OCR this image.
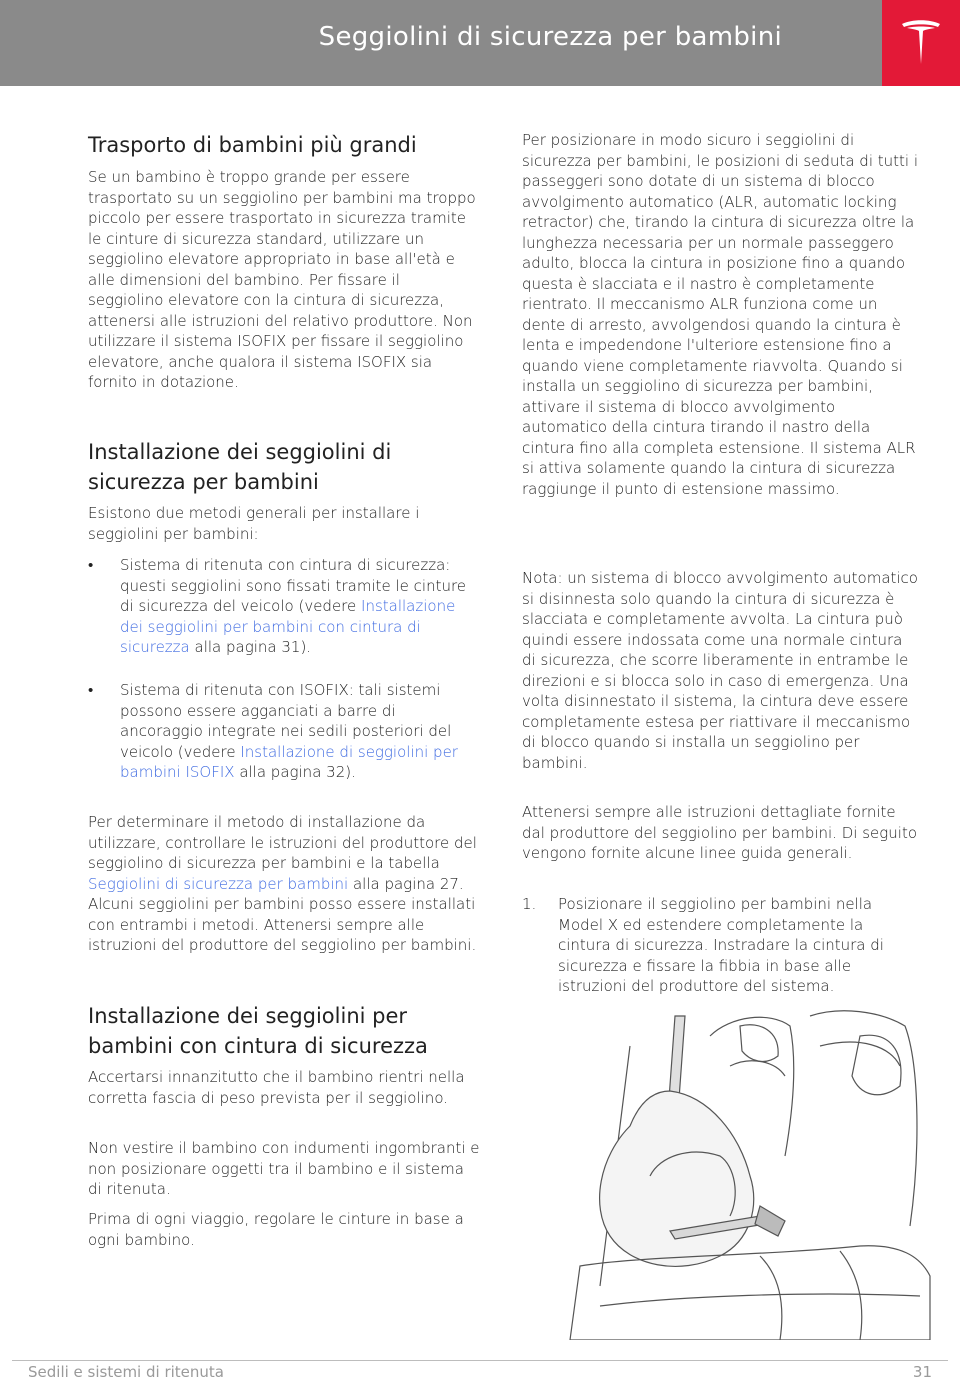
Seggiolini di sicurezza per bambini
Trasporto di bambini più grandi

Se un bambino è troppo grande per essere trasportato su un seggiolino per bambini ma troppo piccolo per essere trasportato in sicurezza tramite le cinture di sicurezza standard, utilizzare un seggiolino elevatore appropriato in base all'età e alle dimensioni del bambino. Per fissare il seggiolino elevatore con la cintura di sicurezza, attenersi alle istruzioni del relativo produttore. Non utilizzare il sistema ISOFIX per fissare il seggiolino elevatore, anche qualora il sistema ISOFIX sia fornito in dotazione.

Installazione dei seggiolini di
sicurezza per bambini

Esistono due metodi generali per installare i seggiolini per bambini:

• Sistema di ritenuta con cintura di sicurezza: questi seggiolini sono fissati tramite le cinture di sicurezza del veicolo (vedere Installazione dei seggiolini per bambini con cintura di sicurezza alla pagina 31).

• Sistema di ritenuta con ISOFIX: tali sistemi possono essere agganciati a barre di ancoraggio integrate nei sedili posteriori del veicolo (vedere Installazione di seggiolini per bambini ISOFIX alla pagina 32).

Per determinare il metodo di installazione da utilizzare, controllare le istruzioni del produttore del seggiolino di sicurezza per bambini e la tabella Seggiolini di sicurezza per bambini alla pagina 27. Alcuni seggiolini per bambini posso essere installati con entrambi i metodi. Attenersi sempre alle istruzioni del produttore del seggiolino per bambini.

Installazione dei seggiolini per
bambini con cintura di sicurezza

Accertarsi innanzitutto che il bambino rientri nella corretta fascia di peso prevista per il seggiolino.

Non vestire il bambino con indumenti ingombranti e non posizionare oggetti tra il bambino e il sistema di ritenuta.

Prima di ogni viaggio, regolare le cinture in base a ogni bambino.

Per posizionare in modo sicuro i seggiolini di sicurezza per bambini, le posizioni di seduta di tutti i passeggeri sono dotate di un sistema di blocco avvolgimento automatico (ALR, automatic locking retractor) che, tirando la cintura di sicurezza oltre la lunghezza necessaria per un normale passeggero adulto, blocca la cintura in posizione fino a quando questa è slacciata e il nastro è completamente rientrato. Il meccanismo ALR funziona come un dente di arresto, avvolgendosi quando la cintura è lenta e impedendone l'ulteriore estensione fino a quando viene completamente riavvolta. Quando si installa un seggiolino di sicurezza per bambini, attivare il sistema di blocco avvolgimento automatico della cintura tirando il nastro della cintura fino alla completa estensione. Il sistema ALR si attiva solamente quando la cintura di sicurezza raggiunge il punto di estensione massimo.

Nota: un sistema di blocco avvolgimento automatico si disinnesta solo quando la cintura di sicurezza è slacciata e completamente avvolta. La cintura può quindi essere indossata come una normale cintura di sicurezza, che scorre liberamente in entrambe le direzioni e si blocca solo in caso di emergenza. Una volta disinnestato il sistema, la cintura deve essere completamente estesa per riattivare il meccanismo di blocco quando si installa un seggiolino per bambini.

Attenersi sempre alle istruzioni dettagliate fornite dal produttore del seggiolino per bambini. Di seguito vengono fornite alcune linee guida generali.

1. Posizionare il seggiolino per bambini nella Model X ed estendere completamente la cintura di sicurezza. Instradare la cintura di sicurezza e fissare la fibbia in base alle istruzioni del produttore del sistema.

Sedili e sistemi di ritenuta	31
